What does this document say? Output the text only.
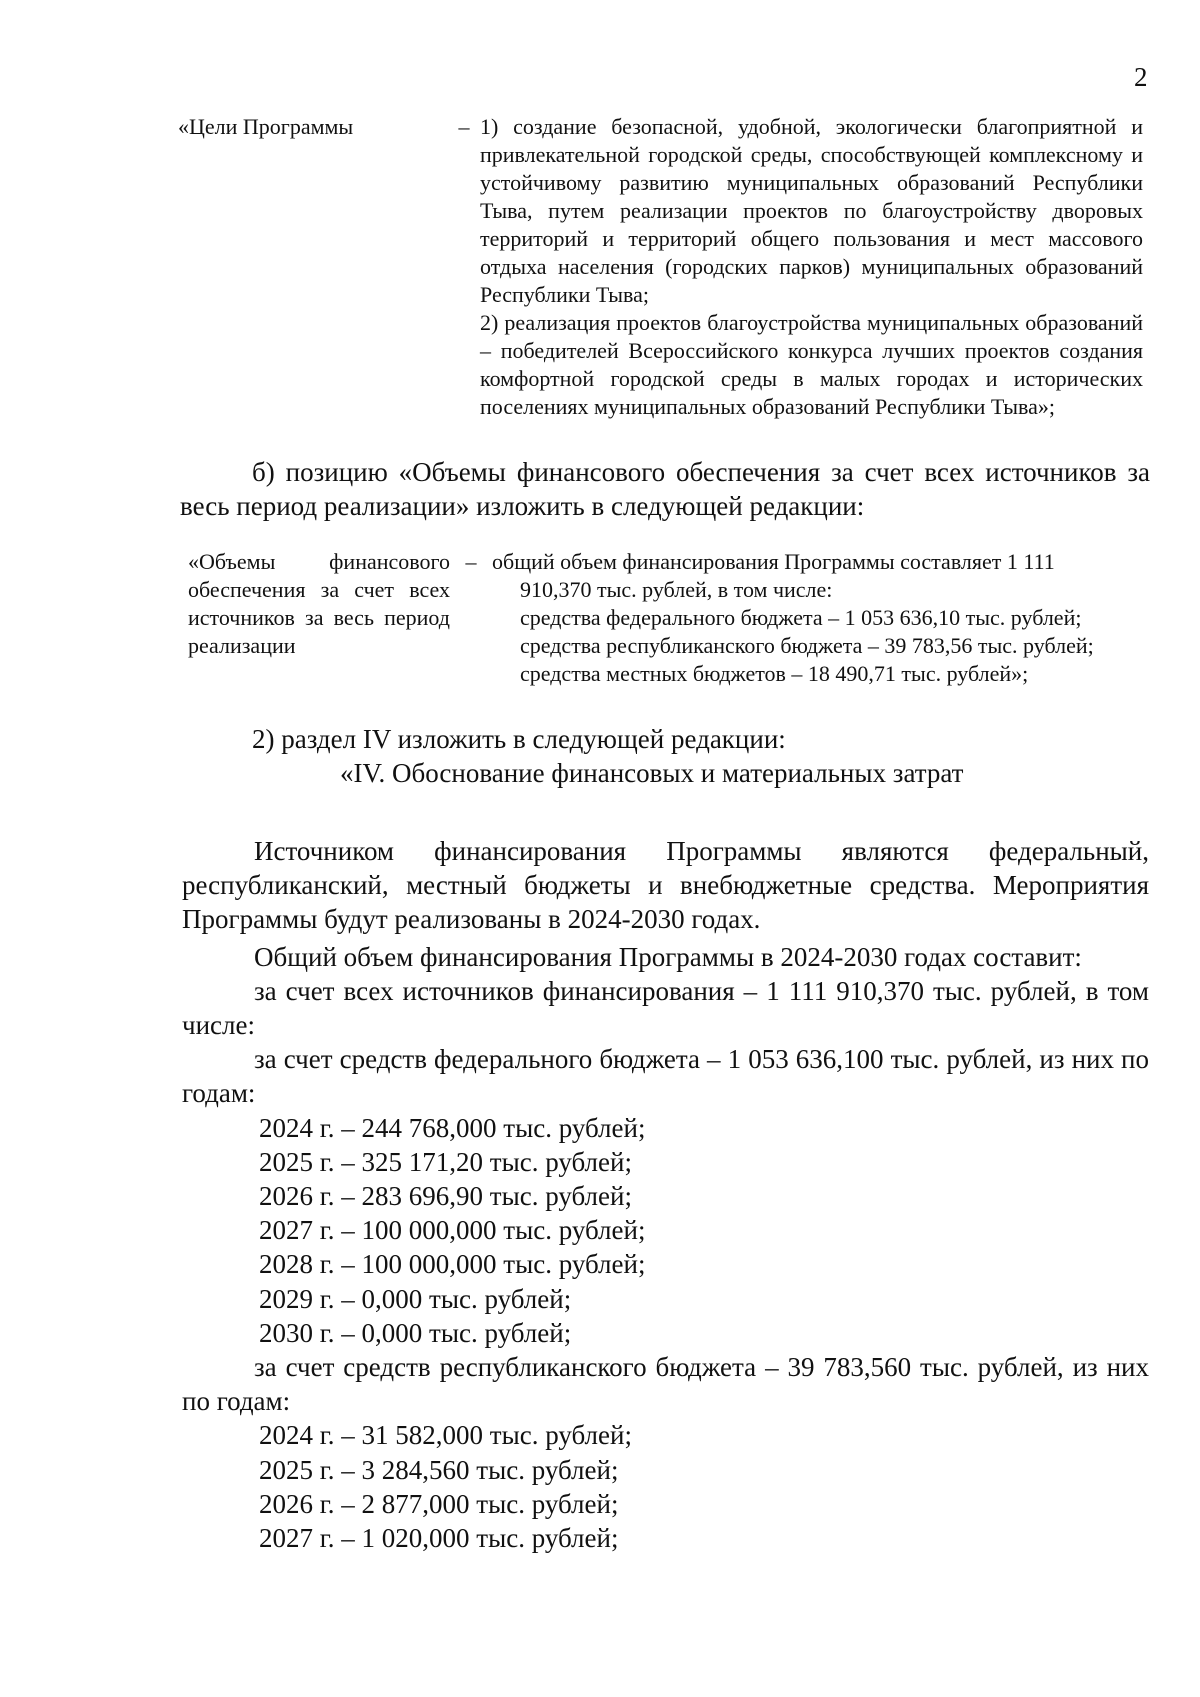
2
«Цели Программы	– 1) создание безопасной, удобной, экологически благоприятной и привлекательной городской среды, способствующей комплексному и устойчивому развитию муниципальных образований Республики Тыва, путем реализации проектов по благоустройству дворовых территорий и территорий общего пользования и мест массового отдыха населения (городских парков) муниципальных образований Республики Тыва;

2) реализация проектов благоустройства муниципальных образований – победителей Всероссийского конкурса лучших проектов создания комфортной городской среды в малых городах и исторических поселениях муниципальных образований Республики Тыва»;

б) позицию «Объемы финансового обеспечения за счет всех источников за весь период реализации» изложить в следующей редакции:

«Объемы финансового обеспечения за счет всех источников за весь период реализации
– общий объем финансирования Программы составляет 1 111
910,370 тыс. рублей, в том числе:
средства федерального бюджета – 1 053 636,10 тыс. рублей;
средства республиканского бюджета – 39 783,56 тыс. рублей;
средства местных бюджетов – 18 490,71 тыс. рублей»;

2) раздел IV изложить в следующей редакции:

«IV. Обоснование финансовых и материальных затрат

Источником финансирования Программы являются федеральный, республиканский, местный бюджеты и внебюджетные средства. Мероприятия Программы будут реализованы в 2024-2030 годах.

Общий объем финансирования Программы в 2024-2030 годах составит:

за счет всех источников финансирования – 1 111 910,370 тыс. рублей, в том числе:

за счет средств федерального бюджета – 1 053 636,100 тыс. рублей, из них по годам:

2024 г. – 244 768,000 тыс. рублей;

2025 г. – 325 171,20 тыс. рублей;

2026 г. – 283 696,90 тыс. рублей;

2027 г. – 100 000,000 тыс. рублей;

2028 г. – 100 000,000 тыс. рублей;

2029 г. – 0,000 тыс. рублей;

2030 г. – 0,000 тыс. рублей;

за счет средств республиканского бюджета – 39 783,560 тыс. рублей, из них по годам:

2024 г. – 31 582,000 тыс. рублей;

2025 г. – 3 284,560 тыс. рублей;

2026 г. – 2 877,000 тыс. рублей;

2027 г. – 1 020,000 тыс. рублей;
